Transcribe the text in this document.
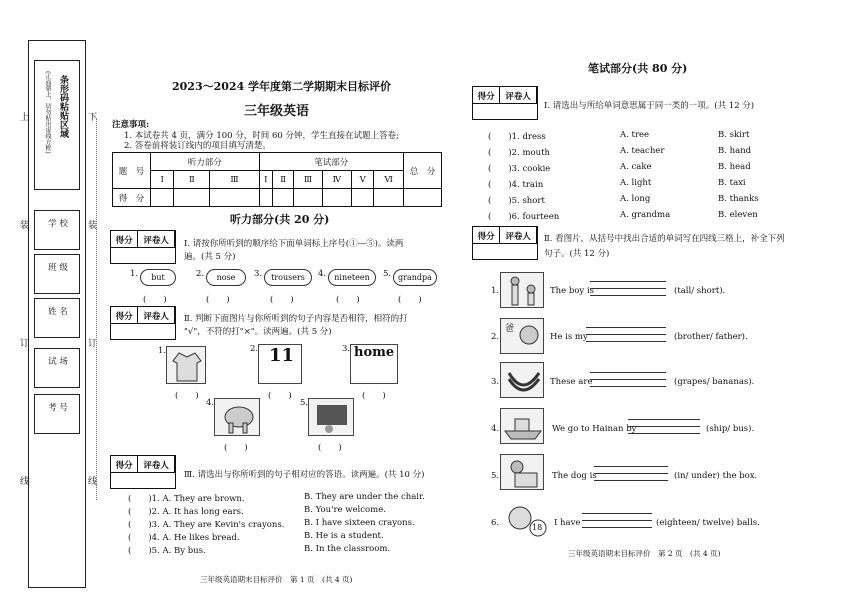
条形码粘贴区域
(正面朝上，切勿贴出虚线方框)
学 校
班 级
姓 名
试 场
考 号
上
装
订
线
下
装
订
线
2023～2024 学年度第二学期期末目标评价
三年级英语
注意事项:
1. 本试卷共 4 页，满分 100 分，时间 60 分钟，学生直接在试题上答卷;
2. 答卷前将装订线内的项目填写清楚。
题　号	听力部分			笔试部分						总　分
	Ⅰ	Ⅱ	Ⅲ	Ⅰ	Ⅱ	Ⅲ	Ⅳ	Ⅴ	Ⅵ	
得　分										
听力部分(共 20 分)
得分	评卷人	Ⅰ. 请按你所听到的顺序给下面单词标上序号(①—⑤)。读两
遍。(共 5 分)
1.	but	2.	nose	3.	trousers	4.	nineteen	5. grandpa
(　　)	(　　)	(　　)	(　　)	(　　)
得分	评卷人	Ⅱ. 判断下面图片与你所听到的句子内容是否相符，相符的打
"√"，不符的打"×"。读两遍。(共 5 分)
1.	2. 11	3. home
(　　)	(　　)	(　　)
4.	5.
(　　)	(　　)
得分	评卷人
Ⅲ. 请选出与你所听到的句子相对应的答语。读两遍。(共 10 分)
(　　)1. A. They are brown.	B. They are under the chair.
(　　)2. A. It has long ears.	B. You're welcome.
(　　)3. A. They are Kevin's crayons. B. I have sixteen crayons.
(　　)4. A. He likes bread.	B. He is a student.
(　　)5. A. By bus.	B. In the classroom.
三年级英语期末目标评价　第 1 页　(共 4 页)
笔试部分(共 80 分)
得分	评卷人
Ⅰ. 请选出与所给单词意思属于同一类的一项。(共 12 分)
(　　)1. dress	A. tree	B. skirt
(　　)2. mouth	A. teacher	B. hand
(　　)3. cookie	A. cake	B. head
(　　)4. train	A. light	B. taxi
(　　)5. short	A. long	B. thanks
(　　)6. fourteen	A. grandma	B. eleven
得分	评卷人	Ⅱ. 看图片，从括号中找出合适的单词写在四线三格上，补全下列
句子。(共 12 分)
1.	The boy is	(tall/ short).
2.
爸
He is my	(brother/ father).
3.	These are	(grapes/ bananas).
4.	We go to Hainan by	(ship/ bus).
5.	The dog is	(in/ under) the box.
6.	18 I have	(eighteen/ twelve) balls.
三年级英语期末目标评价　第 2 页　(共 4 页)
